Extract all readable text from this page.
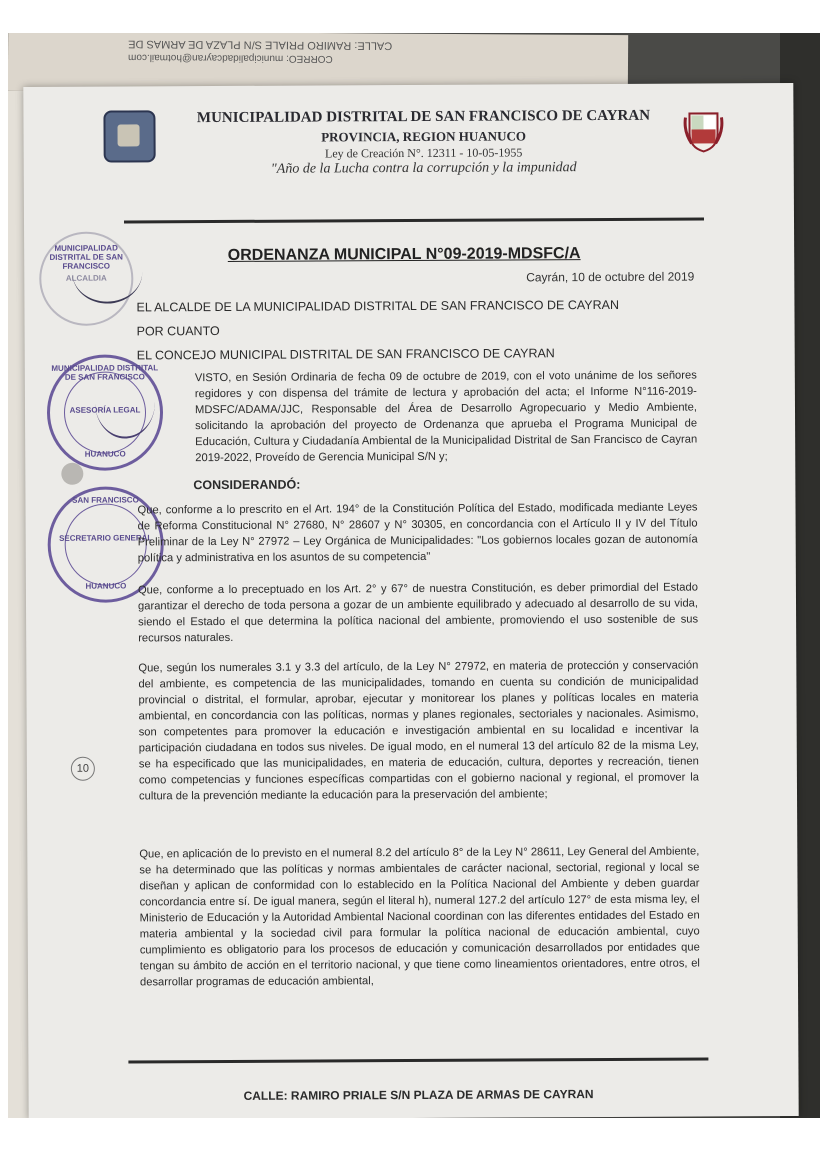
CORREO: municipalidadcayran@hotmail.com
CALLE: RAMIRO PRIALE S/N PLAZA DE ARMAS DE
MUNICIPALIDAD DISTRITAL DE SAN FRANCISCO DE CAYRAN
PROVINCIA, REGION HUANUCO
Ley de Creación N°. 12311 - 10-05-1955
"Año de la Lucha contra la corrupción y la impunidad
MUNICIPALIDAD DISTRITAL DE SAN FRANCISCO
ALCALDIA
ORDENANZA MUNICIPAL N°09-2019-MDSFC/A
Cayrán, 10 de octubre del 2019
EL ALCALDE DE LA MUNICIPALIDAD DISTRITAL DE SAN FRANCISCO DE CAYRAN
POR CUANTO
EL CONCEJO MUNICIPAL DISTRITAL DE SAN FRANCISCO DE CAYRAN
MUNICIPALIDAD DISTRITAL DE SAN FRANCISCO
ASESORÍA LEGAL
HUANUCO
VISTO, en Sesión Ordinaria de fecha 09 de octubre de 2019, con el voto unánime de los señores regidores y con dispensa del trámite de lectura y aprobación del acta; el Informe N°116-2019-MDSFC/ADAMA/JJC, Responsable del Área de Desarrollo Agropecuario y Medio Ambiente, solicitando la aprobación del proyecto de Ordenanza que aprueba el Programa Municipal de Educación, Cultura y Ciudadanía Ambiental de la Municipalidad Distrital de San Francisco de Cayran 2019-2022, Proveído de Gerencia Municipal S/N y;
CONSIDERANDÓ:
SAN FRANCISCO
SECRETARIO GENERAL
HUANUCO
Que, conforme a lo prescrito en el Art. 194° de la Constitución Política del Estado, modificada mediante Leyes de Reforma Constitucional N° 27680, N° 28607 y N° 30305, en concordancia con el Artículo II y IV del Título Preliminar de la Ley N° 27972 – Ley Orgánica de Municipalidades: "Los gobiernos locales gozan de autonomía política y administrativa en los asuntos de su competencia"
Que, conforme a lo preceptuado en los Art. 2° y 67° de nuestra Constitución, es deber primordial del Estado garantizar el derecho de toda persona a gozar de un ambiente equilibrado y adecuado al desarrollo de su vida, siendo el Estado el que determina la política nacional del ambiente, promoviendo el uso sostenible de sus recursos naturales.
Que, según los numerales 3.1 y 3.3 del artículo, de la Ley N° 27972, en materia de protección y conservación del ambiente, es competencia de las municipalidades, tomando en cuenta su condición de municipalidad provincial o distrital, el formular, aprobar, ejecutar y monitorear los planes y políticas locales en materia ambiental, en concordancia con las políticas, normas y planes regionales, sectoriales y nacionales. Asimismo, son competentes para promover la educación e investigación ambiental en su localidad e incentivar la participación ciudadana en todos sus niveles. De igual modo, en el numeral 13 del artículo 82 de la misma Ley, se ha especificado que las municipalidades, en materia de educación, cultura, deportes y recreación, tienen como competencias y funciones específicas compartidas con el gobierno nacional y regional, el promover la cultura de la prevención mediante la educación para la preservación del ambiente;
10
Que, en aplicación de lo previsto en el numeral 8.2 del artículo 8° de la Ley N° 28611, Ley General del Ambiente, se ha determinado que las políticas y normas ambientales de carácter nacional, sectorial, regional y local se diseñan y aplican de conformidad con lo establecido en la Política Nacional del Ambiente y deben guardar concordancia entre sí. De igual manera, según el literal h), numeral 127.2 del artículo 127° de esta misma ley, el Ministerio de Educación y la Autoridad Ambiental Nacional coordinan con las diferentes entidades del Estado en materia ambiental y la sociedad civil para formular la política nacional de educación ambiental, cuyo cumplimiento es obligatorio para los procesos de educación y comunicación desarrollados por entidades que tengan su ámbito de acción en el territorio nacional, y que tiene como lineamientos orientadores, entre otros, el desarrollar programas de educación ambiental,
CALLE: RAMIRO PRIALE S/N PLAZA DE ARMAS DE CAYRAN
